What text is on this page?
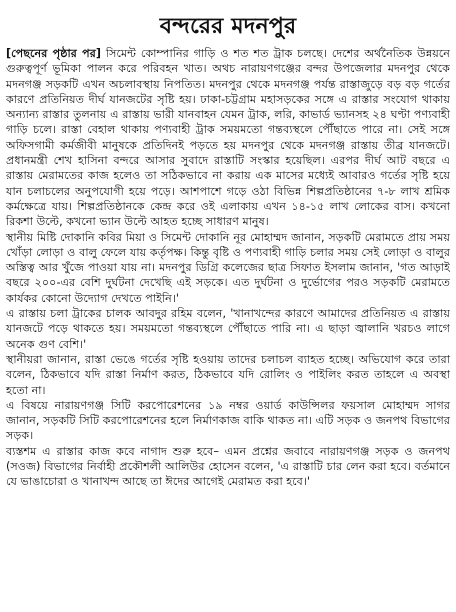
বন্দরের মদনপুর

[পেছনের পৃষ্ঠার পর] সিমেন্ট কোম্পানির গাড়ি ও শত শত ট্রাক চলছে। দেশের অর্থনৈতিক উন্নয়নে গুরুত্বপূর্ণ ভূমিকা পালন করে পরিবহন খাত। অথচ নারায়ণগঞ্জের বন্দর উপজেলার মদনপুর থেকে মদনগঞ্জ সড়কটি এখন অচলাবস্থায় নিপতিত। মদনপুর থেকে মদনগঞ্জ পর্যন্ত রাস্তাজুড়ে বড় বড় গর্তের কারণে প্রতিনিয়ত দীর্ঘ যানজটের সৃষ্টি হয়। ঢাকা-চট্টগ্রাম মহাসড়কের সঙ্গে এ রাস্তার সংযোগ থাকায় অন্যান্য রাস্তার তুলনায় এ রাস্তায় ভারী যানবাহন যেমন ট্রাক, লরি, কাভার্ড ভ্যানসহ ২৪ ঘণ্টা পণ্যবাহী গাড়ি চলে। রাস্তা বেহাল থাকায় পণ্যবাহী ট্রাক সময়মতো গন্তব্যস্থলে পৌঁছাতে পারে না। সেই সঙ্গে অফিসগামী কর্মজীবী মানুষকে প্রতিদিনই পড়তে হয় মদনপুর থেকে মদনগঞ্জ রাস্তায় তীব্র যানজটে। প্রধানমন্ত্রী শেখ হাসিনা বন্দরে আসার সুবাদে রাস্তাটি সংস্কার হয়েছিল। এরপর দীর্ঘ আট বছরে এ রাস্তায় মেরামতের কাজ হলেও তা সঠিকভাবে না করায় এক মাসের মধ্যেই আবারও গর্তের সৃষ্টি হয়ে যান চলাচলের অনুপযোগী হয়ে পড়ে। আশপাশে গড়ে ওঠা বিভিন্ন শিল্পপ্রতিষ্ঠানের ৭-৮ লাখ শ্রমিক কর্মক্ষেত্রে যায়। শিল্পপ্রতিষ্ঠানকে কেন্দ্র করে ওই এলাকায় এখন ১৪-১৫ লাখ লোকের বাস। কখনো রিকশা উল্টে, কখনো ভ্যান উল্টে আহত হচ্ছে সাধারণ মানুষ।

স্থানীয় মিষ্টি দোকানি কবির মিয়া ও সিমেন্ট দোকানি নূর মোহাম্মদ জানান, সড়কটি মেরামতে প্রায় সময় খোঁড়া লোড়া ও বালু ফেলে যায় কর্তৃপক্ষ। কিন্তু বৃষ্টি ও পণ্যবাহী গাড়ি চলার সময় সেই লোড়া ও বালুর অস্তিত্ব আর খুঁজে পাওয়া যায় না। মদনপুর ডিগ্রি কলেজের ছাত্র সিফাত ইসলাম জানান, 'গত আড়াই বছরে ২০০-এর বেশি দুর্ঘটনা দেখেছি এই সড়কে। এত দুর্ঘটনা ও দুর্ভোগের পরও সড়কটি মেরামতে কার্যকর কোনো উদ্যোগ দেখতে পাইনি।'

এ রাস্তায় চলা ট্রাকের চালক আবদুর রহিম বলেন, 'খানাখন্দের কারণে আমাদের প্রতিনিয়ত এ রাস্তায় যানজটে পড়ে থাকতে হয়। সময়মতো গন্তব্যস্থলে পৌঁছাতে পারি না। এ ছাড়া জ্বালানি খরচও লাগে অনেক গুণ বেশি।'

স্থানীয়রা জানান, রাস্তা ভেঙে গর্তের সৃষ্টি হওয়ায় তাদের চলাচল ব্যাহত হচ্ছে। অভিযোগ করে তারা বলেন, ঠিকভাবে যদি রাস্তা নির্মাণ করত, ঠিকভাবে যদি রোলিং ও পাইলিং করত তাহলে এ অবস্থা হতো না।

এ বিষয়ে নারায়ণগঞ্জ সিটি করপোরেশনের ১৯ নম্বর ওয়ার্ড কাউন্সিলর ফয়সাল মোহাম্মদ সাগর জানান, সড়কটি সিটি করপোরেশনের হলে নির্মাণকাজ বাকি থাকত না। এটি সড়ক ও জনপথ বিভাগের সড়ক।

ব্যস্তশম এ রাস্তার কাজ কবে নাগাদ শুরু হবে– এমন প্রশ্নের জবাবে নারায়ণগঞ্জ সড়ক ও জনপথ (সওজ) বিভাগের নির্বাহী প্রকৌশলী আলিউর হোসেন বলেন, 'এ রাস্তাটি চার লেন করা হবে। বর্তমানে যে ভাঙাচোরা ও খানাখন্দ আছে তা ঈদের আগেই মেরামত করা হবে।'
